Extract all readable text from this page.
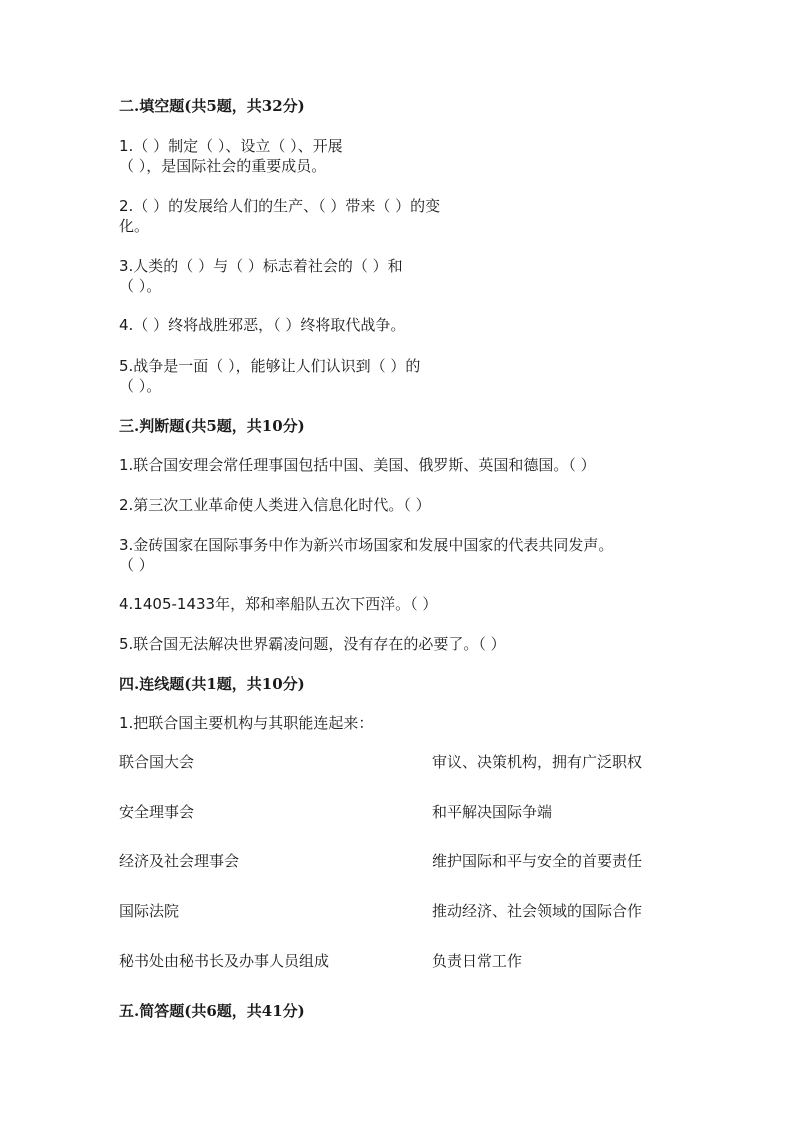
二.填空题(共5题，共32分)
1.（ ）制定（ ）、设立（ ）、开展
（ ），是国际社会的重要成员。
2.（ ）的发展给人们的生产、（ ）带来（ ）的变
化。
3.人类的（ ）与（ ）标志着社会的（ ）和
（ ）。
4.（ ）终将战胜邪恶，（ ）终将取代战争。
5.战争是一面（ ），能够让人们认识到（ ）的
（ ）。
三.判断题(共5题，共10分)
1.联合国安理会常任理事国包括中国、美国、俄罗斯、英国和德国。（ ）
2.第三次工业革命使人类进入信息化时代。（ ）
3.金砖国家在国际事务中作为新兴市场国家和发展中国家的代表共同发声。
（ ）
4.1405-1433年，郑和率船队五次下西洋。（ ）
5.联合国无法解决世界霸凌问题，没有存在的必要了。（ ）
四.连线题(共1题，共10分)
1.把联合国主要机构与其职能连起来：
联合国大会	审议、决策机构，拥有广泛职权
安全理事会	和平解决国际争端
经济及社会理事会	维护国际和平与安全的首要责任
国际法院	推动经济、社会领域的国际合作
秘书处由秘书长及办事人员组成	负责日常工作
五.简答题(共6题，共41分)
